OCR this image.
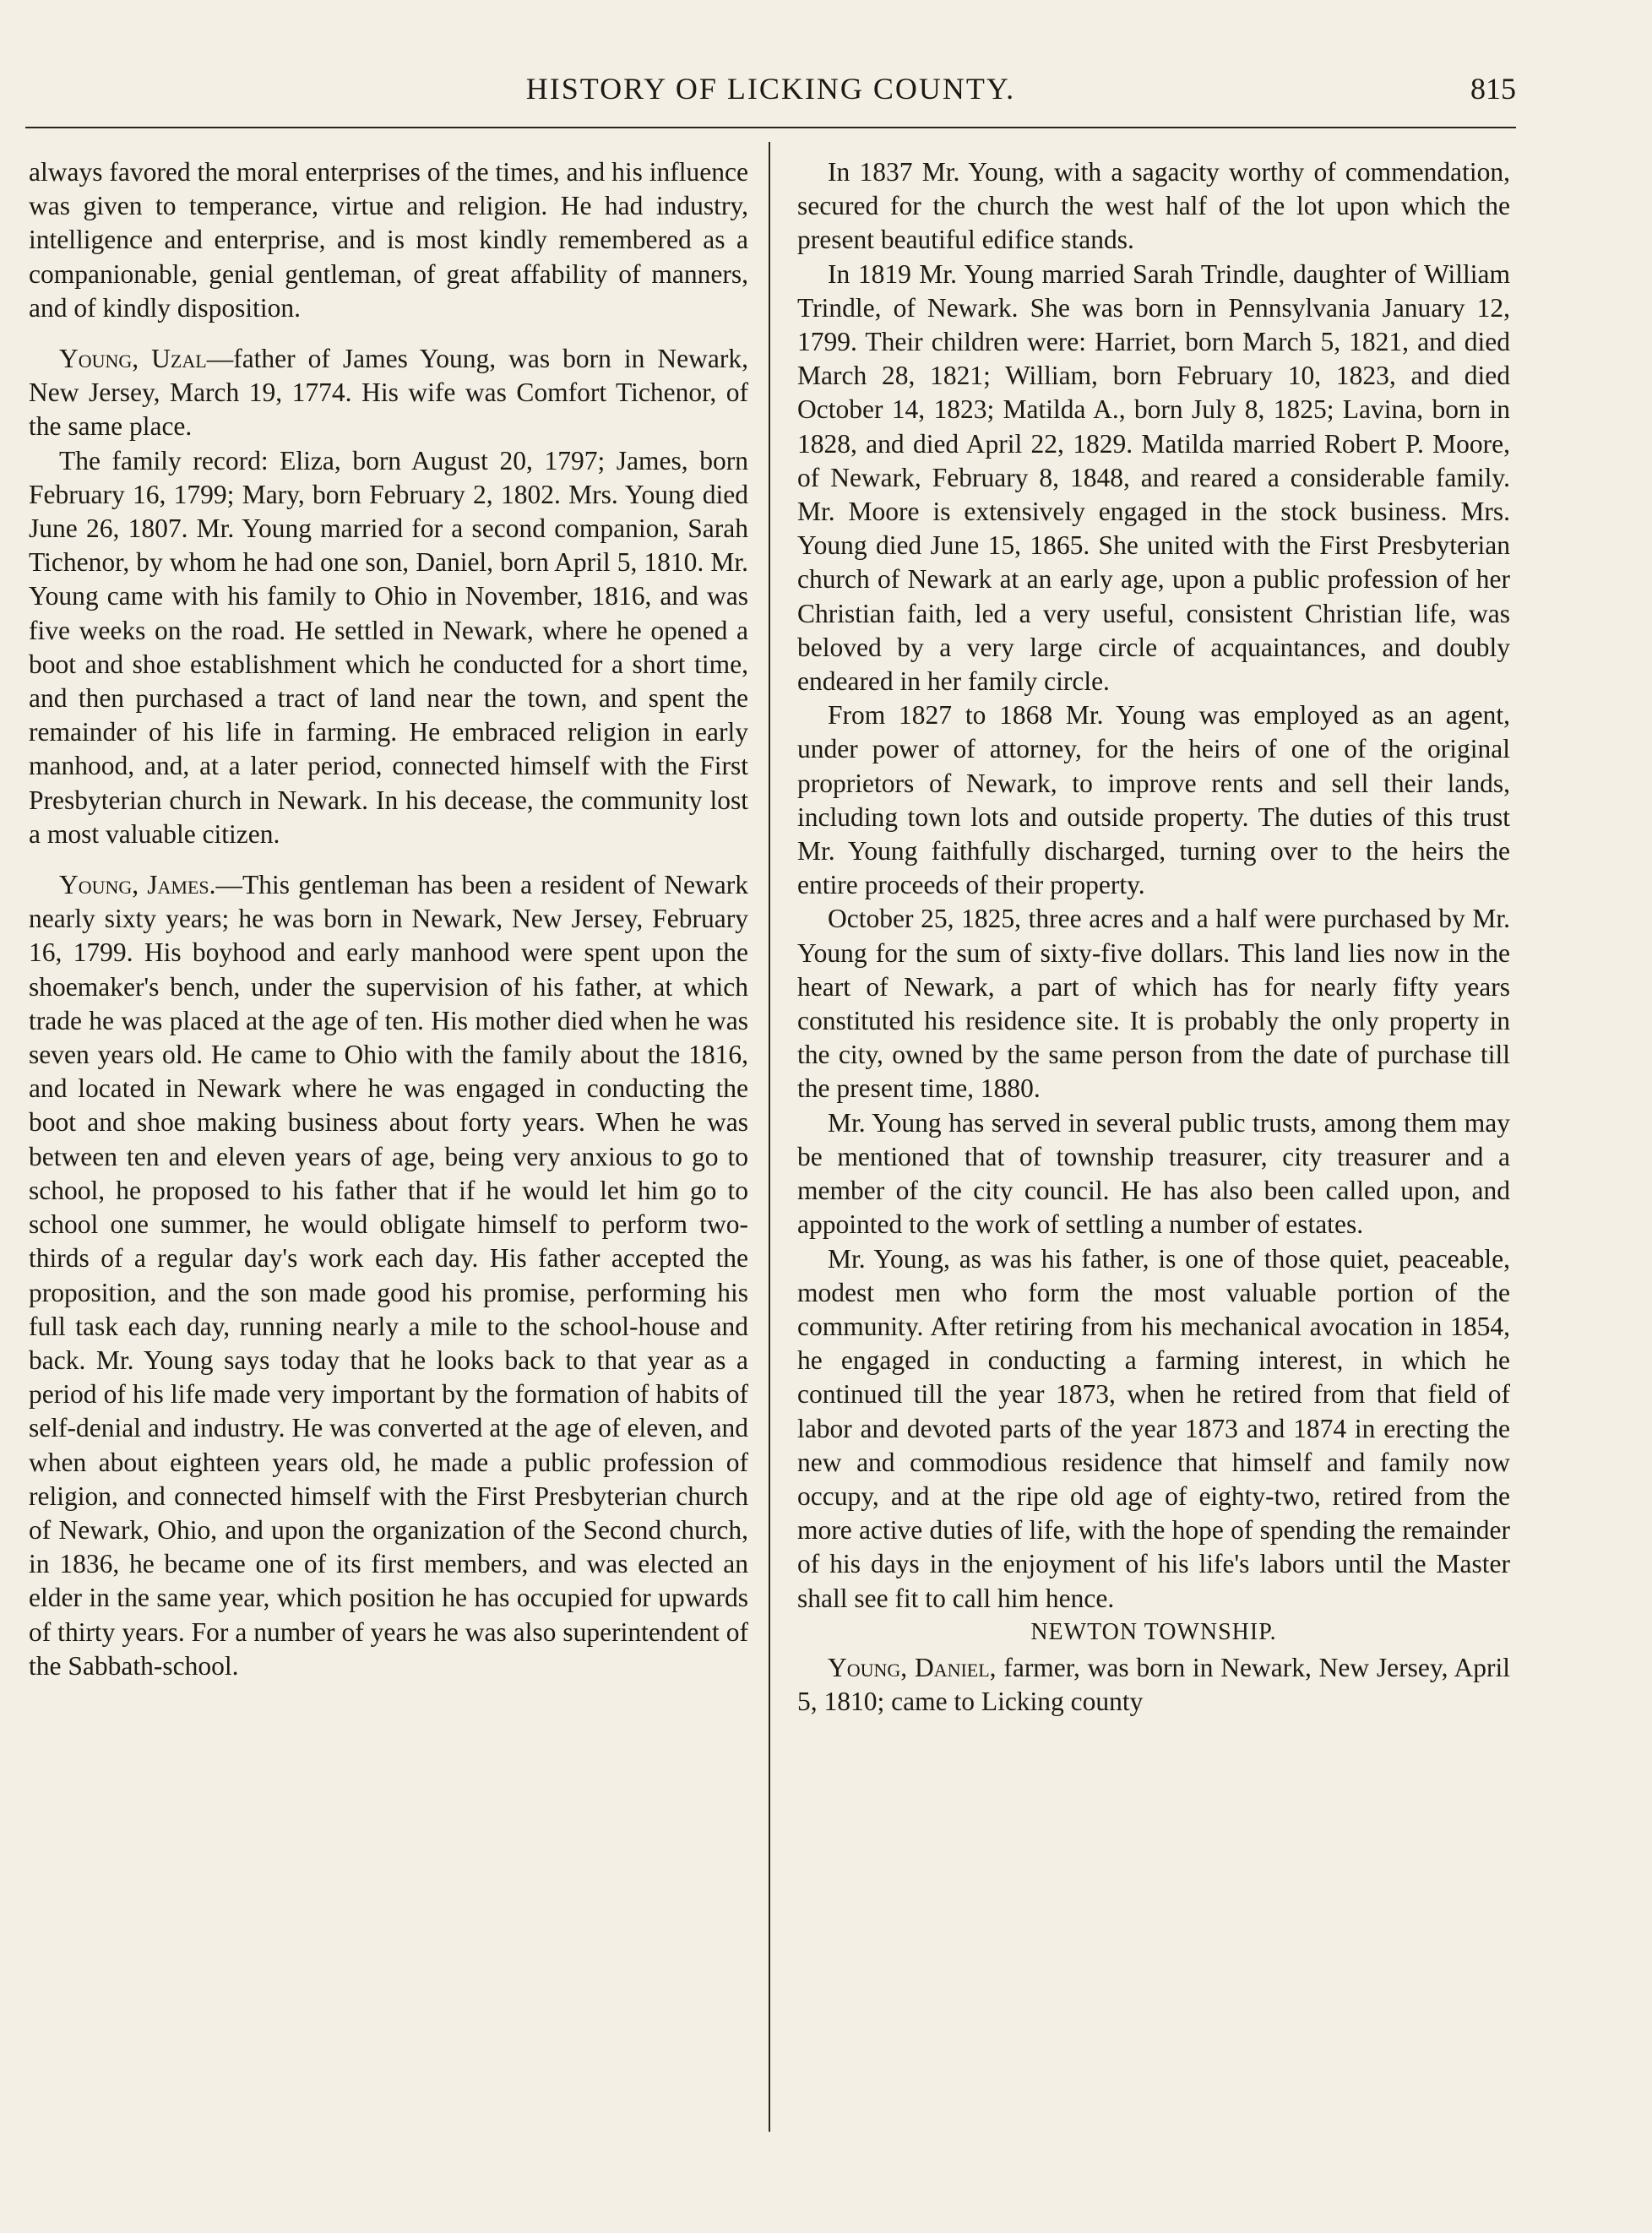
HISTORY OF LICKING COUNTY.	815

always favored the moral enterprises of the times, and his influence was given to temperance, virtue and religion. He had industry, intelligence and enterprise, and is most kindly remembered as a companionable, genial gentleman, of great affability of manners, and of kindly disposition.

Young, Uzal—father of James Young, was born in Newark, New Jersey, March 19, 1774. His wife was Comfort Tichenor, of the same place.

The family record: Eliza, born August 20, 1797; James, born February 16, 1799; Mary, born February 2, 1802. Mrs. Young died June 26, 1807. Mr. Young married for a second companion, Sarah Tichenor, by whom he had one son, Daniel, born April 5, 1810. Mr. Young came with his family to Ohio in November, 1816, and was five weeks on the road. He settled in Newark, where he opened a boot and shoe establishment which he conducted for a short time, and then purchased a tract of land near the town, and spent the remainder of his life in farming. He embraced religion in early manhood, and, at a later period, connected himself with the First Presbyterian church in Newark. In his decease, the community lost a most valuable citizen.

Young, James.—This gentleman has been a resident of Newark nearly sixty years; he was born in Newark, New Jersey, February 16, 1799. His boyhood and early manhood were spent upon the shoemaker's bench, under the supervision of his father, at which trade he was placed at the age of ten. His mother died when he was seven years old. He came to Ohio with the family about the 1816, and located in Newark where he was engaged in conducting the boot and shoe making business about forty years. When he was between ten and eleven years of age, being very anxious to go to school, he proposed to his father that if he would let him go to school one summer, he would obligate himself to perform two-thirds of a regular day's work each day. His father accepted the proposition, and the son made good his promise, performing his full task each day, running nearly a mile to the school-house and back. Mr. Young says today that he looks back to that year as a period of his life made very important by the formation of habits of self-denial and industry. He was converted at the age of eleven, and when about eighteen years old, he made a public profession of religion, and connected himself with the First Presbyterian church of Newark, Ohio, and upon the organization of the Second church, in 1836, he became one of its first members, and was elected an elder in the same year, which position he has occupied for upwards of thirty years. For a number of years he was also superintendent of the Sabbath-school.

In 1837 Mr. Young, with a sagacity worthy of commendation, secured for the church the west half of the lot upon which the present beautiful edifice stands.

In 1819 Mr. Young married Sarah Trindle, daughter of William Trindle, of Newark. She was born in Pennsylvania January 12, 1799. Their children were: Harriet, born March 5, 1821, and died March 28, 1821; William, born February 10, 1823, and died October 14, 1823; Matilda A., born July 8, 1825; Lavina, born in 1828, and died April 22, 1829. Matilda married Robert P. Moore, of Newark, February 8, 1848, and reared a considerable family. Mr. Moore is extensively engaged in the stock business. Mrs. Young died June 15, 1865. She united with the First Presbyterian church of Newark at an early age, upon a public profession of her Christian faith, led a very useful, consistent Christian life, was beloved by a very large circle of acquaintances, and doubly endeared in her family circle.

From 1827 to 1868 Mr. Young was employed as an agent, under power of attorney, for the heirs of one of the original proprietors of Newark, to improve rents and sell their lands, including town lots and outside property. The duties of this trust Mr. Young faithfully discharged, turning over to the heirs the entire proceeds of their property.

October 25, 1825, three acres and a half were purchased by Mr. Young for the sum of sixty-five dollars. This land lies now in the heart of Newark, a part of which has for nearly fifty years constituted his residence site. It is probably the only property in the city, owned by the same person from the date of purchase till the present time, 1880.

Mr. Young has served in several public trusts, among them may be mentioned that of township treasurer, city treasurer and a member of the city council. He has also been called upon, and appointed to the work of settling a number of estates.

Mr. Young, as was his father, is one of those quiet, peaceable, modest men who form the most valuable portion of the community. After retiring from his mechanical avocation in 1854, he engaged in conducting a farming interest, in which he continued till the year 1873, when he retired from that field of labor and devoted parts of the year 1873 and 1874 in erecting the new and commodious residence that himself and family now occupy, and at the ripe old age of eighty-two, retired from the more active duties of life, with the hope of spending the remainder of his days in the enjoyment of his life's labors until the Master shall see fit to call him hence.

NEWTON TOWNSHIP.

Young, Daniel, farmer, was born in Newark, New Jersey, April 5, 1810; came to Licking county
